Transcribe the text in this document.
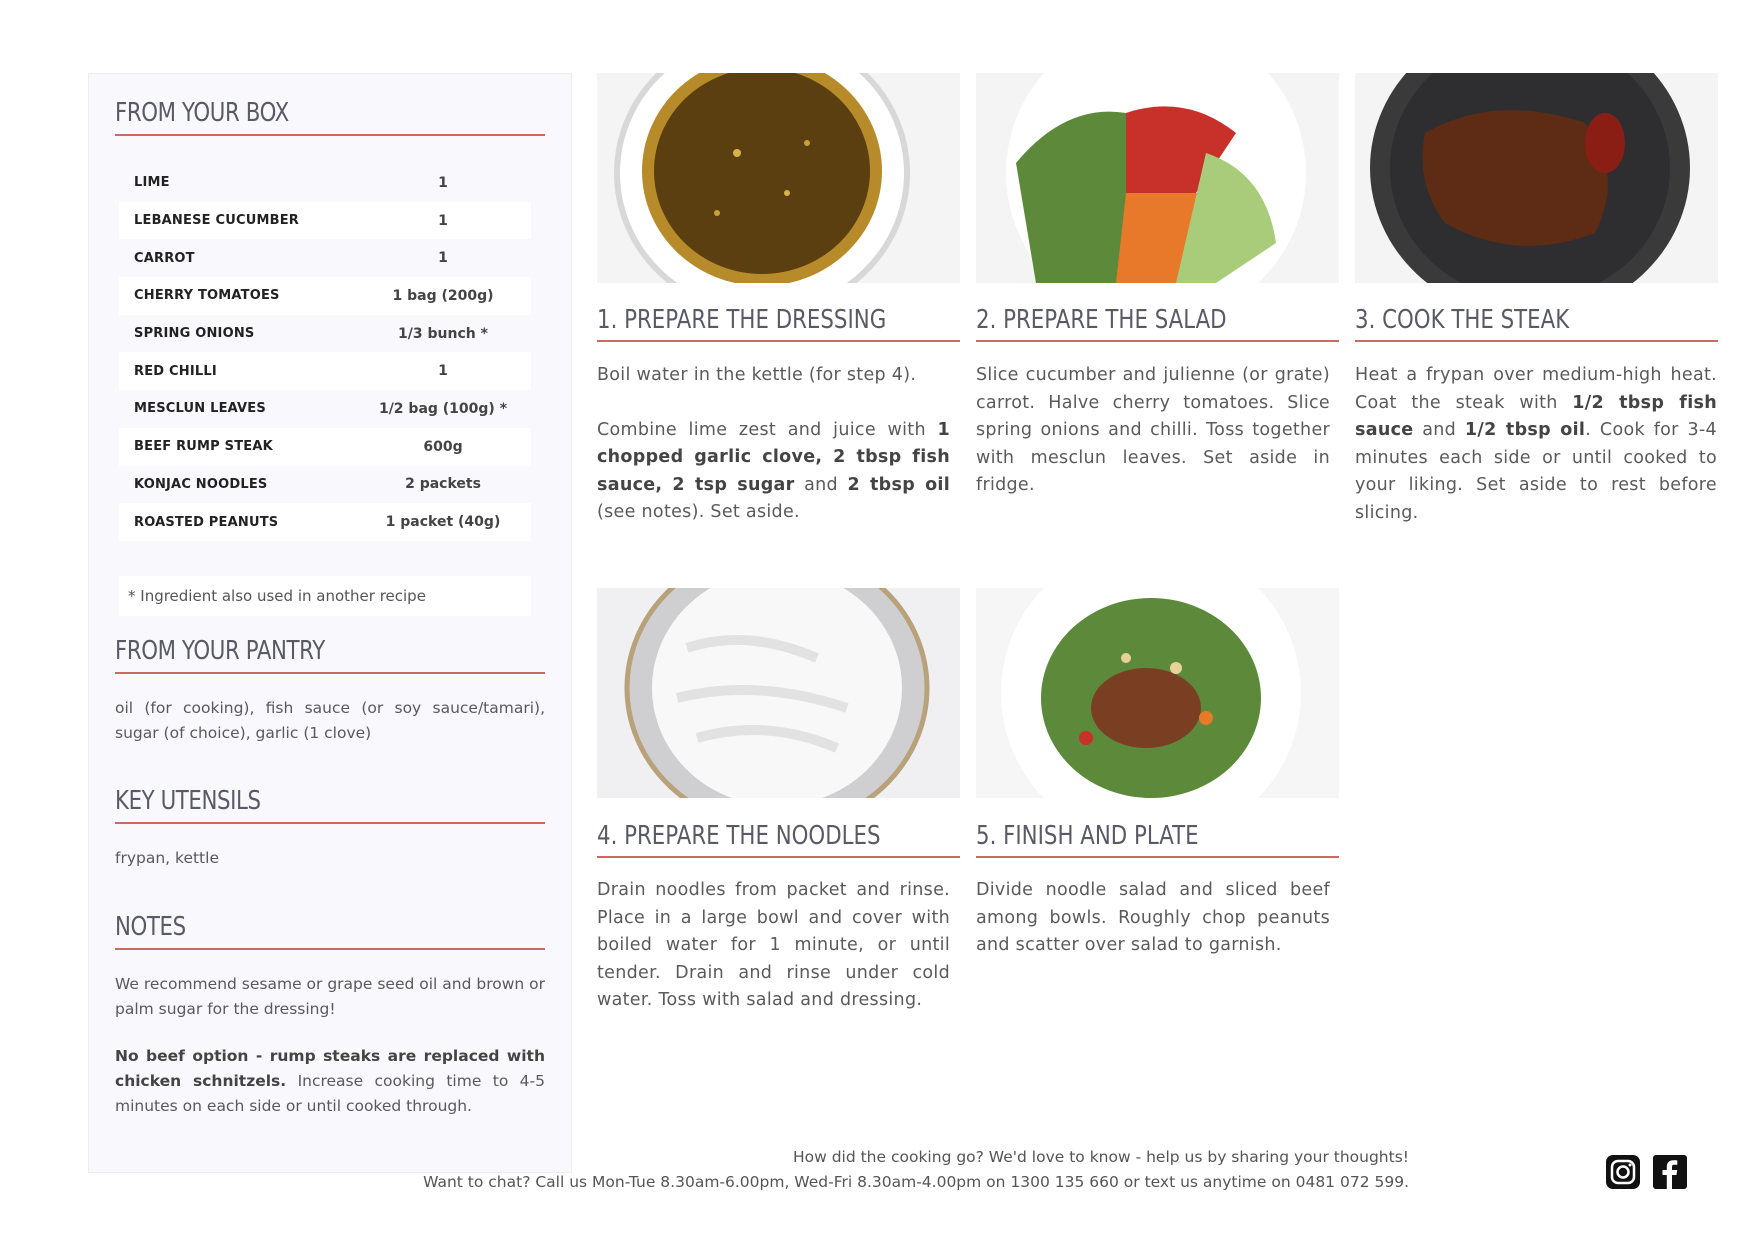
FROM YOUR BOX
LIME	1
LEBANESE CUCUMBER	1
CARROT	1
CHERRY TOMATOES	1 bag (200g)
SPRING ONIONS	1/3 bunch *
RED CHILLI	1
MESCLUN LEAVES	1/2 bag (100g) *
BEEF RUMP STEAK	600g
KONJAC NOODLES	2 packets
ROASTED PEANUTS	1 packet (40g)
* Ingredient also used in another recipe
FROM YOUR PANTRY
oil (for cooking), fish sauce (or soy sauce/tamari), sugar (of choice), garlic (1 clove)
KEY UTENSILS
frypan, kettle
NOTES
We recommend sesame or grape seed oil and brown or palm sugar for the dressing!
No beef option - rump steaks are replaced with chicken schnitzels. Increase cooking time to 4-5 minutes on each side or until cooked through.
1. PREPARE THE DRESSING
Boil water in the kettle (for step 4).
Combine lime zest and juice with 1 chopped garlic clove, 2 tbsp fish sauce, 2 tsp sugar and 2 tbsp oil (see notes). Set aside.
2. PREPARE THE SALAD
Slice cucumber and julienne (or grate) carrot. Halve cherry tomatoes. Slice spring onions and chilli. Toss together with mesclun leaves. Set aside in fridge.
3. COOK THE STEAK
Heat a frypan over medium-high heat. Coat the steak with 1/2 tbsp fish sauce and 1/2 tbsp oil. Cook for 3-4 minutes each side or until cooked to your liking. Set aside to rest before slicing.
4. PREPARE THE NOODLES
Drain noodles from packet and rinse. Place in a large bowl and cover with boiled water for 1 minute, or until tender. Drain and rinse under cold water. Toss with salad and dressing.
5. FINISH AND PLATE
Divide noodle salad and sliced beef among bowls. Roughly chop peanuts and scatter over salad to garnish.
How did the cooking go? We'd love to know - help us by sharing your thoughts!
Want to chat? Call us Mon-Tue 8.30am-6.00pm, Wed-Fri 8.30am-4.00pm on 1300 135 660 or text us anytime on 0481 072 599.
